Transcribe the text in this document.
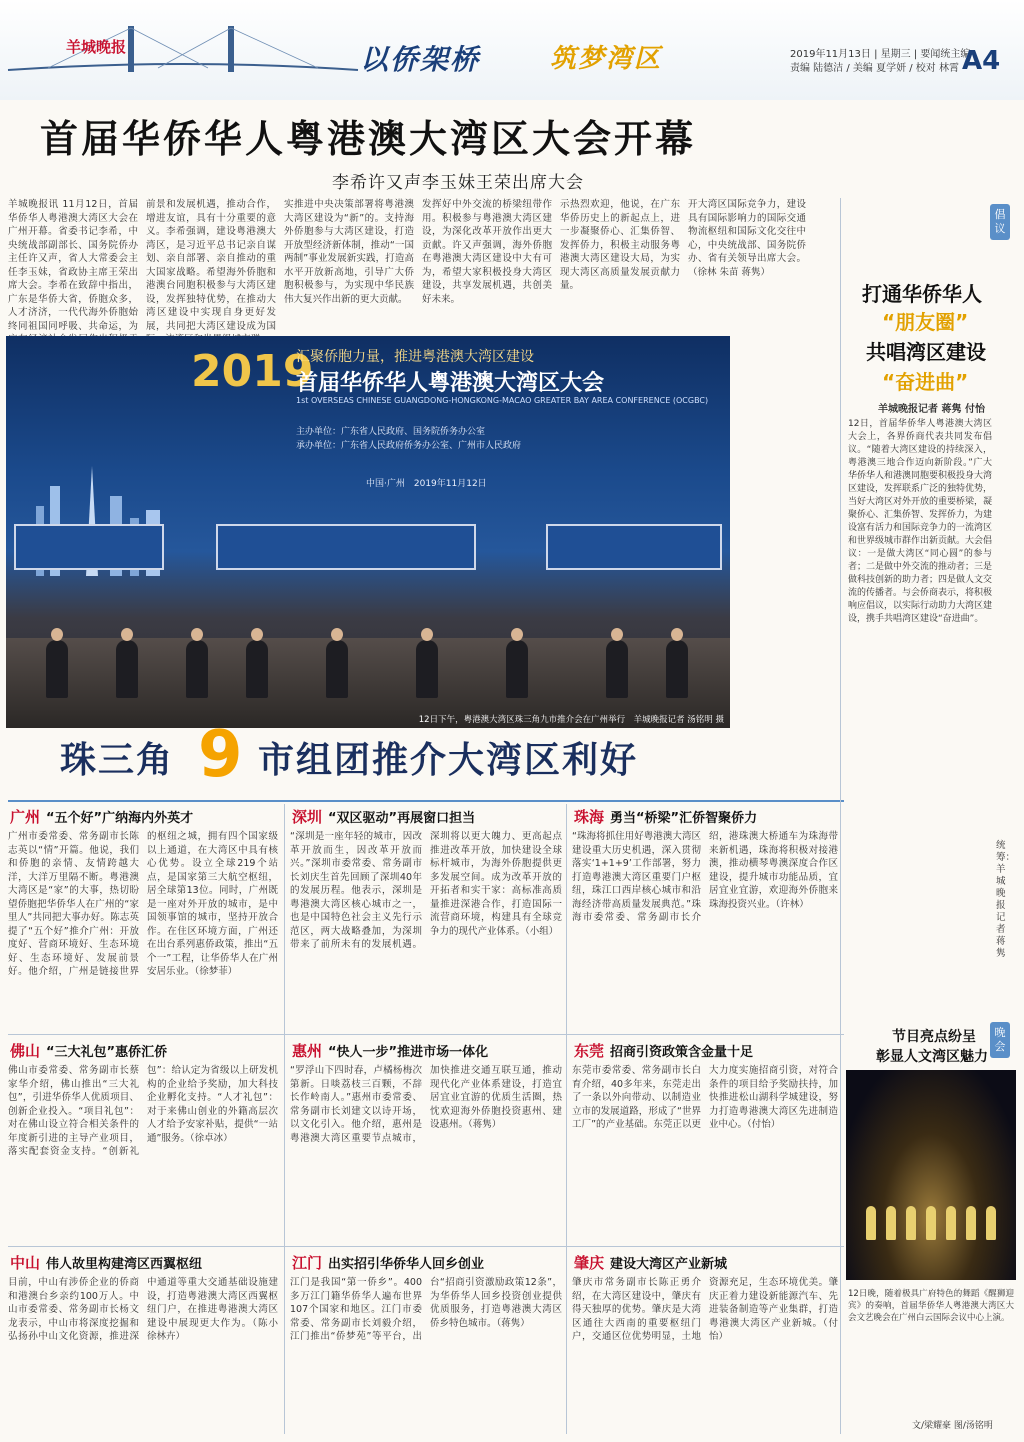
羊城晚报	以侨架桥	筑梦湾区	2019年11月13日 | 星期三 | 要闻统主编
责编 陆德洁 / 美编 夏学妍 / 校对 林霄 A4
首届华侨华人粤港澳大湾区大会开幕
李希许又声李玉妹王荣出席大会
羊城晚报讯 11月12日，首届华侨华人粤港澳大湾区大会在广州开幕。省委书记李希，中央统战部副部长、国务院侨办主任许又声，省人大常委会主任李玉妹，省政协主席王荣出席大会。李希在致辞中指出，广东是华侨大省，侨胞众多，人才济济，一代代海外侨胞始终同祖国同呼吸、共命运，为
前景和发展机遇，推动合作，增进友谊，具有十分重要的意义。李希强调，建设粤港澳大湾区，是习近平总书记亲自谋划、亲自部署、亲自推动的重大国家战略。希望海外侨胞和港澳台同胞积极参与大湾区建设，发挥独特优势，在推动大湾区建设中实现自身更好发展，共同把大湾区建设成为国
实推进中央决策部署将粤港澳大湾区建设为“新”的。支持海外侨胞参与大湾区建设，打造开放型经济新体制，推动“一国两制”事业发展新实践，打造高水平开放新高地，引导广大侨胞积极参与，为实现中华民族伟大复兴作出新的更大贡献。
发挥好中外交流的桥梁纽带作用。积极参与粤港澳大湾区建设，为深化改革开放作出更大贡献。许又声强调，海外侨胞在粤港澳大湾区建设中大有可为，希望大家积极投身大湾区建设，共享发展机遇，共创美好未来。
示热烈欢迎，他说，在广东华侨历史上的新起点上，进一步凝聚侨心、汇集侨智、发挥侨力，积极主动服务粤港澳大湾区建设大局，为实现大湾区高质量发展贡献力量。
开大湾区国际竞争力，建设具有国际影响力的国际交通物流枢纽和国际文化交往中心，中央统战部、国务院侨办、省有关领导出席大会。（徐林 朱苗 蒋隽）
2019
汇聚侨胞力量，推进粤港澳大湾区建设
首届华侨华人粤港澳大湾区大会
1st OVERSEAS CHINESE GUANGDONG-HONGKONG-MACAO GREATER BAY AREA CONFERENCE (OCGBC)
主办单位：广东省人民政府、国务院侨务办公室
承办单位：广东省人民政府侨务办公室、广州市人民政府
中国·广州　2019年11月12日
12日下午，粤港澳大湾区珠三角九市推介会在广州举行　羊城晚报记者 汤铭明 摄
珠三角 9 市组团推介大湾区利好
广州 “五个好”广纳海内外英才
广州市委常委、常务副市长陈志英以“情”开篇。他说，我们和侨胞的亲情、友情跨越大洋，大洋万里隔不断。粤港澳大湾区是“家”的大事，热切盼望侨胞把华侨华人在广州的“家里人”共同把大事办好。陈志英提了“五个好”推介广州：开放度好、营商环境好、生态环境好、生态环境好、发展前景好。他介绍，广州是链接世界的枢纽之城，拥有四个国家级以上通道，在大湾区中具有核心优势。设立全球219个站点，是国家第三大航空枢纽，居全球第13位。同时，广州既是一座对外开放的城市，是中国领事馆的城市，坚持开放合作。在住区环境方面，广州还在出台系列惠侨政策，推出“五个一”工程，让华侨华人在广州安居乐业。（徐梦菲）
深圳 “双区驱动”再展窗口担当
“深圳是一座年轻的城市，因改革开放而生，因改革开放而兴。”深圳市委常委、常务副市长刘庆生首先回顾了深圳40年的发展历程。他表示，深圳是粤港澳大湾区核心城市之一，也是中国特色社会主义先行示范区，两大战略叠加，为深圳带来了前所未有的发展机遇。深圳将以更大魄力、更高起点推进改革开放，加快建设全球标杆城市，为海外侨胞提供更多发展空间。成为改革开放的开拓者和实干家：高标准高质量推进深港合作，打造国际一流营商环境，构建具有全球竞争力的现代产业体系。（小组）
珠海 勇当“桥梁”汇侨智聚侨力
“珠海将抓住用好粤港澳大湾区建设重大历史机遇，深入贯彻落实‘1+1+9’工作部署，努力打造粤港澳大湾区重要门户枢纽，珠江口西岸核心城市和沿海经济带高质量发展典范。”珠海市委常委、常务副市长介绍，港珠澳大桥通车为珠海带来新机遇，珠海将积极对接港澳，推动横琴粤澳深度合作区建设，提升城市功能品质，宜居宜业宜游，欢迎海外侨胞来珠海投资兴业。（许林）
佛山 “三大礼包”惠侨汇侨
佛山市委常委、常务副市长蔡家华介绍，佛山推出“三大礼包”，引进华侨华人优质项目、创新企业投入。“项目礼包”：对在佛山设立符合相关条件的年度新引进的主导产业项目，落实配套资金支持。“创新礼包”：给认定为省级以上研发机构的企业给予奖励，加大科技企业孵化支持。“人才礼包”：对于来佛山创业的外籍高层次人才给予安家补贴，提供“一站通”服务。（徐卓冰）
惠州 “快人一步”推进市场一体化
“罗浮山下四时春，卢橘杨梅次第新。日啖荔枝三百颗，不辞长作岭南人。”惠州市委常委、常务副市长刘建文以诗开场，以文化引入。他介绍，惠州是粤港澳大湾区重要节点城市，加快推进交通互联互通，推动现代化产业体系建设，打造宜居宜业宜游的优质生活圈，热忱欢迎海外侨胞投资惠州、建设惠州。（蒋隽）
东莞 招商引资政策含金量十足
东莞市委常委、常务副市长白育介绍，40多年来，东莞走出了一条以外向带动、以制造业立市的发展道路，形成了“世界工厂”的产业基础。东莞正以更大力度实施招商引资，对符合条件的项目给予奖励扶持，加快推进松山湖科学城建设，努力打造粤港澳大湾区先进制造业中心。（付怡）
中山 伟人故里构建湾区西翼枢纽
目前，中山有涉侨企业的侨商和港澳台乡亲约100万人。中山市委常委、常务副市长杨文龙表示，中山市将深度挖掘和弘扬孙中山文化资源，推进深中通道等重大交通基础设施建设，打造粤港澳大湾区西翼枢纽门户，在推进粤港澳大湾区建设中展现更大作为。（陈小 徐林卉）
江门 出实招引华侨华人回乡创业
江门是我国“第一侨乡”。400多万江门籍华侨华人遍布世界107个国家和地区。江门市委常委、常务副市长刘毅介绍，江门推出“侨梦苑”等平台，出台“招商引资激励政策12条”，为华侨华人回乡投资创业提供优质服务，打造粤港澳大湾区侨乡特色城市。（蒋隽）
肇庆 建设大湾区产业新城
肇庆市常务副市长陈正勇介绍，在大湾区建设中，肇庆有得天独厚的优势。肇庆是大湾区通往大西南的重要枢纽门户，交通区位优势明显，土地资源充足，生态环境优美。肇庆正着力建设新能源汽车、先进装备制造等产业集群，打造粤港澳大湾区产业新城。（付怡）
倡议
打通华侨华人
“朋友圈”
共唱湾区建设
“奋进曲”
羊城晚报记者 蒋隽 付怡
12日，首届华侨华人粤港澳大湾区大会上，各界侨商代表共同发布倡议。“随着大湾区建设的持续深入，粤港澳三地合作迈向新阶段。”广大华侨华人和港澳同胞要积极投身大湾区建设，发挥联系广泛的独特优势，当好大湾区对外开放的重要桥梁，凝聚侨心、汇集侨智、发挥侨力，为建设富有活力和国际竞争力的一流湾区和世界级城市群作出新贡献。大会倡议：一是做大湾区“同心圆”的参与者；二是做中外交流的推动者；三是做科技创新的助力者；四是做人文交流的传播者。与会侨商表示，将积极响应倡议，以实际行动助力大湾区建设，携手共唱湾区建设“奋进曲”。
统筹：羊城晚报记者 蒋隽
晚会
节目亮点纷呈
彰显人文湾区魅力
12日晚，随着极具广府特色的舞蹈《醒狮迎宾》的奏响，首届华侨华人粤港澳大湾区大会文艺晚会在广州白云国际会议中心上演。
文/梁耀豪 图/汤铭明
